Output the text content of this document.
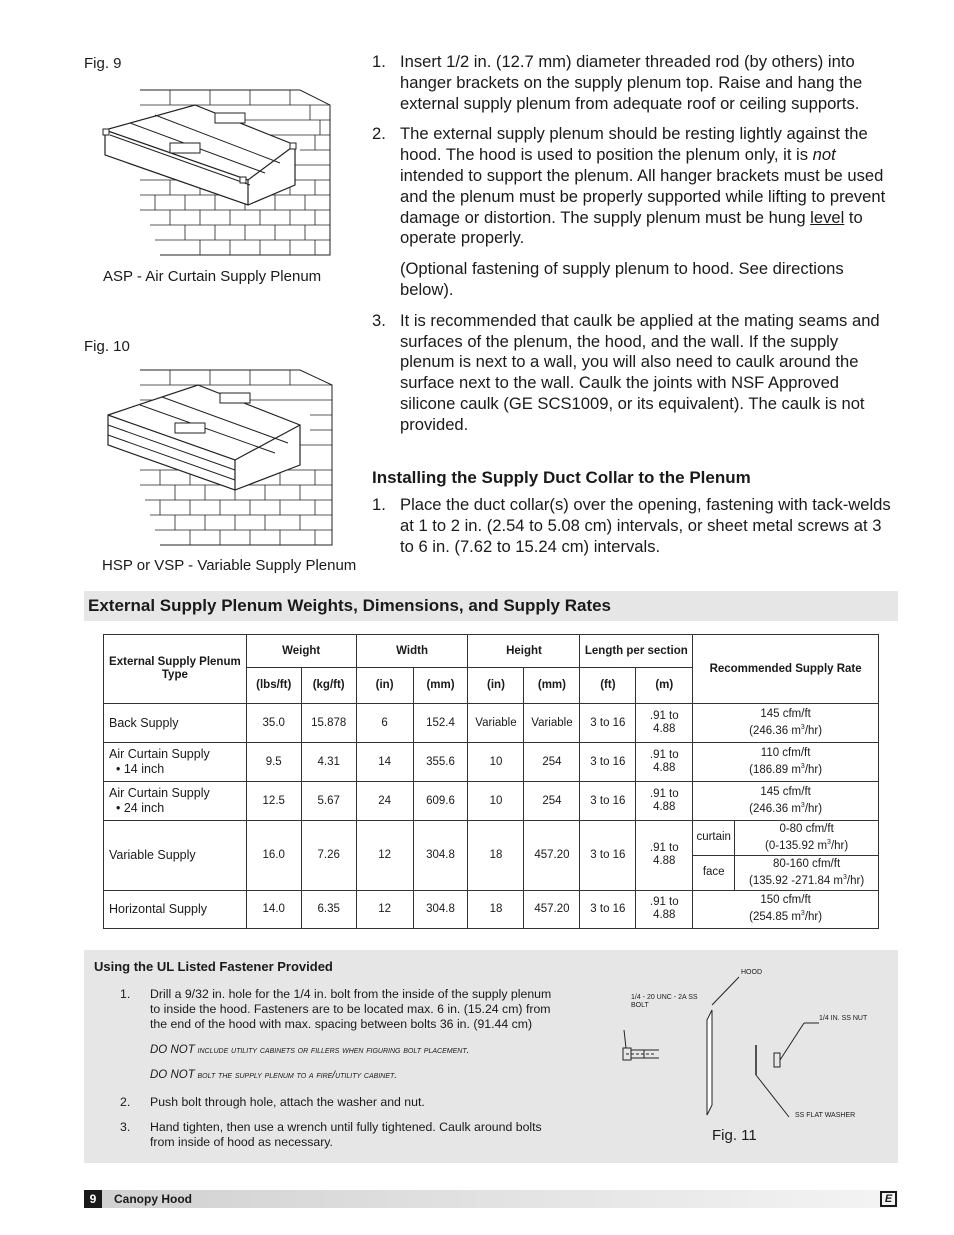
Fig. 9
ASP - Air Curtain Supply Plenum
Fig. 10
HSP or VSP - Variable Supply Plenum
1. Insert 1/2 in. (12.7 mm) diameter threaded rod (by others) into hanger brackets on the supply plenum top. Raise and hang the external supply plenum from adequate roof or ceiling supports.
2. The external supply plenum should be resting lightly against the hood. The hood is used to position the plenum only, it is not intended to support the plenum. All hanger brackets must be used and the plenum must be properly supported while lifting to prevent damage or distortion. The supply plenum must be hung level to operate properly.
(Optional fastening of supply plenum to hood. See directions below).
3. It is recommended that caulk be applied at the mating seams and surfaces of the plenum, the hood, and the wall. If the supply plenum is next to a wall, you will also need to caulk around the surface next to the wall. Caulk the joints with NSF Approved silicone caulk (GE SCS1009, or its equivalent). The caulk is not provided.
Installing the Supply Duct Collar to the Plenum
1. Place the duct collar(s) over the opening, fastening with tack-welds at 1 to 2 in. (2.54 to 5.08 cm) intervals, or sheet metal screws at 3 to 6 in. (7.62 to 15.24 cm) intervals.
External Supply Plenum Weights, Dimensions, and Supply Rates
External Supply Plenum Type	Weight		Width		Height		Length per section		Recommended Supply Rate	
	(lbs/ft)	(kg/ft)	(in)	(mm)	(in)	(mm)	(ft)	(m)		
Back Supply	35.0	15.878	6	152.4	Variable	Variable	3 to 16	.91 to 4.88	145 cfm/ft
(246.36 $m^3/hr$)	
Air Curtain Supply
• 14 inch	9.5	4.31	14	355.6	10	254	3 to 16	.91 to 4.88	110 cfm/ft
(186.89 $m^3/hr$)	
Air Curtain Supply
• 24 inch	12.5	5.67	24	609.6	10	254	3 to 16	.91 to 4.88	145 cfm/ft
(246.36 $m^3/hr$)	
Variable Supply	16.0	7.26	12	304.8	18	457.20	3 to 16	.91 to 4.88	curtain	0-80 cfm/ft
(0-135.92 $m^3/hr$)
									face	80-160 cfm/ft
(135.92 -271.84 $m^3/hr$)
Horizontal Supply	14.0	6.35	12	304.8	18	457.20	3 to 16	.91 to 4.88	150 cfm/ft
(254.85 $m^3/hr$)	
Using the UL Listed Fastener Provided
1.	Drill a 9/32 in. hole for the 1/4 in. bolt from the inside of the supply plenum to inside the hood. Fasteners are to be located max. 6 in. (15.24 cm) from the end of the hood with max. spacing between bolts 36 in. (91.44 cm)
DO NOT include utility cabinets or fillers when figuring bolt placement.
DO NOT bolt the supply plenum to a fire/utility cabinet.
2.	Push bolt through hole, attach the washer and nut.
3.	Hand tighten, then use a wrench until fully tightened. Caulk around bolts from inside of hood as necessary.
1/4 - 20 UNC - 2A SS BOLT
HOOD
1/4 IN. SS NUT
SS FLAT WASHER
Fig. 11
9	Canopy Hood	E
